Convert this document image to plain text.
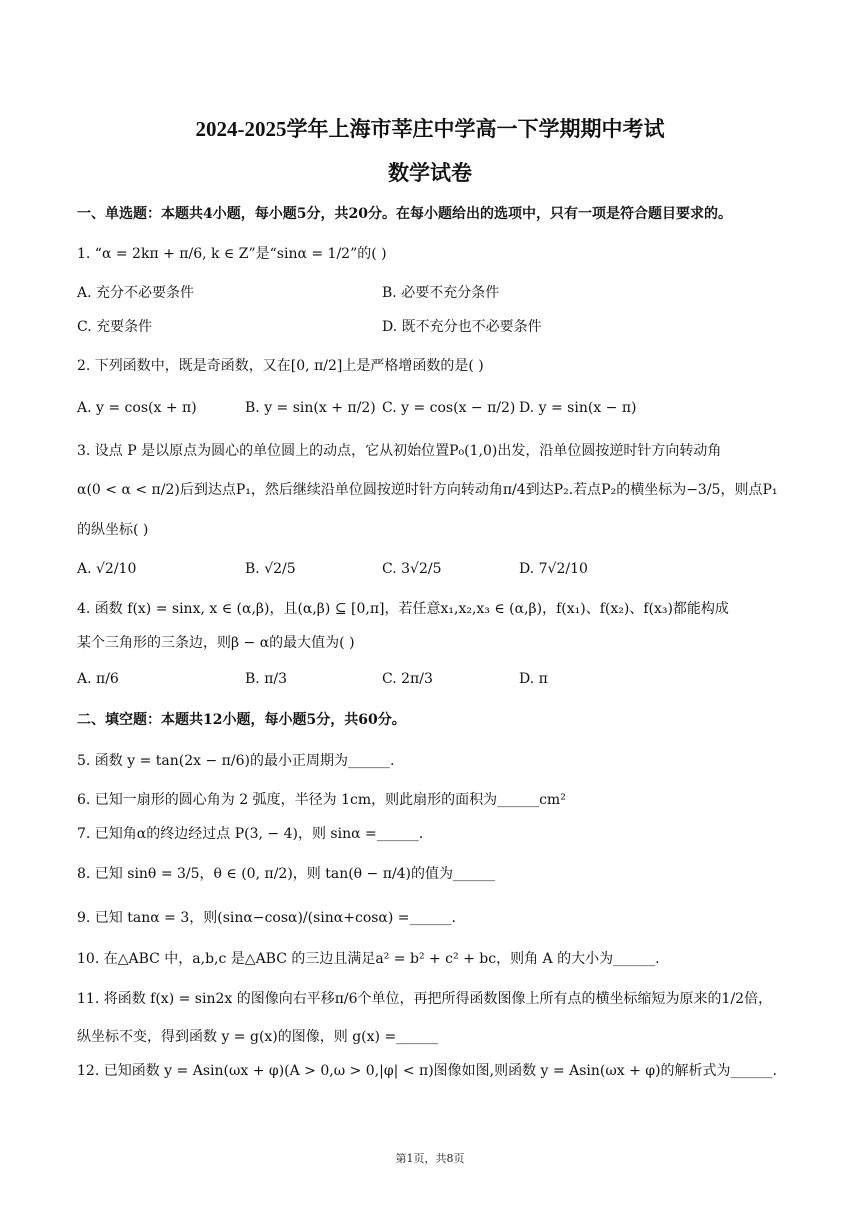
2024-2025学年上海市莘庄中学高一下学期期中考试
数学试卷
一、单选题：本题共4小题，每小题5分，共20分。在每小题给出的选项中，只有一项是符合题目要求的。
1. “α = 2kπ + π/6, k ∈ Z”是“sinα = 1/2”的( )
A. 充分不必要条件	B. 必要不充分条件
C. 充要条件	D. 既不充分也不必要条件
2. 下列函数中，既是奇函数，又在[0, π/2]上是严格增函数的是( )
A. y = cos(x + π)	B. y = sin(x + π/2) C. y = cos(x − π/2) D. y = sin(x − π)
3. 设点 P 是以原点为圆心的单位圆上的动点，它从初始位置P₀(1,0)出发，沿单位圆按逆时针方向转动角
α(0 < α < π/2)后到达点P₁，然后继续沿单位圆按逆时针方向转动角π/4到达P₂.若点P₂的横坐标为−3/5，则点P₁
的纵坐标( )
A. √2/10	B. √2/5	C. 3√2/5	D. 7√2/10
4. 函数 f(x) = sinx, x ∈ (α,β)，且(α,β) ⊆ [0,π]，若任意x₁,x₂,x₃ ∈ (α,β)，f(x₁)、f(x₂)、f(x₃)都能构成
某个三角形的三条边，则β − α的最大值为( )
A. π/6	B. π/3	C. 2π/3	D. π
二、填空题：本题共12小题，每小题5分，共60分。
5. 函数 y = tan(2x − π/6)的最小正周期为______.
6. 已知一扇形的圆心角为 2 弧度，半径为 1cm，则此扇形的面积为______cm²
7. 已知角α的终边经过点 P(3, − 4)，则 sinα =______.
8. 已知 sinθ = 3/5，θ ∈ (0, π/2)，则 tan(θ − π/4)的值为______
9. 已知 tanα = 3，则(sinα−cosα)/(sinα+cosα) =______.
10. 在△ABC 中，a,b,c 是△ABC 的三边且满足a² = b² + c² + bc，则角 A 的大小为______.
11. 将函数 f(x) = sin2x 的图像向右平移π/6个单位，再把所得函数图像上所有点的横坐标缩短为原来的1/2倍，
纵坐标不变，得到函数 y = g(x)的图像，则 g(x) =______
12. 已知函数 y = Asin(ωx + φ)(A > 0,ω > 0,|φ| < π)图像如图,则函数 y = Asin(ωx + φ)的解析式为______.
第1页，共8页
